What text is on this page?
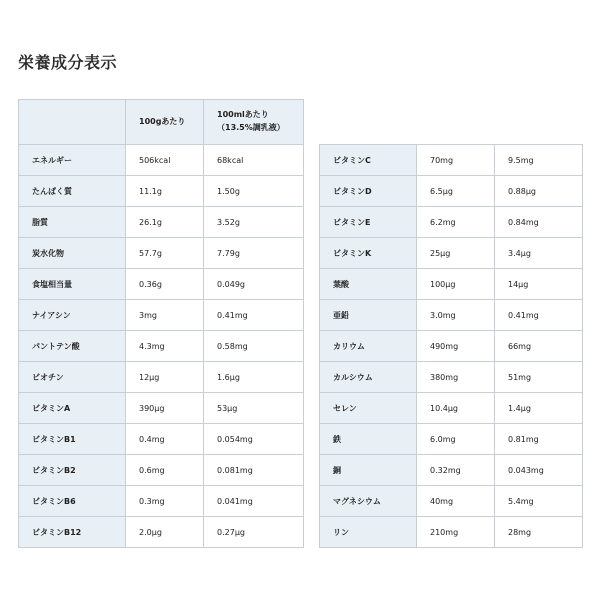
栄養成分表示
	100gあたり	100mlあたり
（13.5%調乳液）
エネルギー	506kcal	68kcal
たんぱく質	11.1g	1.50g
脂質	26.1g	3.52g
炭水化物	57.7g	7.79g
食塩相当量	0.36g	0.049g
ナイアシン	3mg	0.41mg
パントテン酸	4.3mg	0.58mg
ビオチン	12μg	1.6μg
ビタミンA	390μg	53μg
ビタミンB1	0.4mg	0.054mg
ビタミンB2	0.6mg	0.081mg
ビタミンB6	0.3mg	0.041mg
ビタミンB12	2.0μg	0.27μg
ビタミンC	70mg	9.5mg
ビタミンD	6.5μg	0.88μg
ビタミンE	6.2mg	0.84mg
ビタミンK	25μg	3.4μg
葉酸	100μg	14μg
亜鉛	3.0mg	0.41mg
カリウム	490mg	66mg
カルシウム	380mg	51mg
セレン	10.4μg	1.4μg
鉄	6.0mg	0.81mg
銅	0.32mg	0.043mg
マグネシウム	40mg	5.4mg
リン	210mg	28mg
